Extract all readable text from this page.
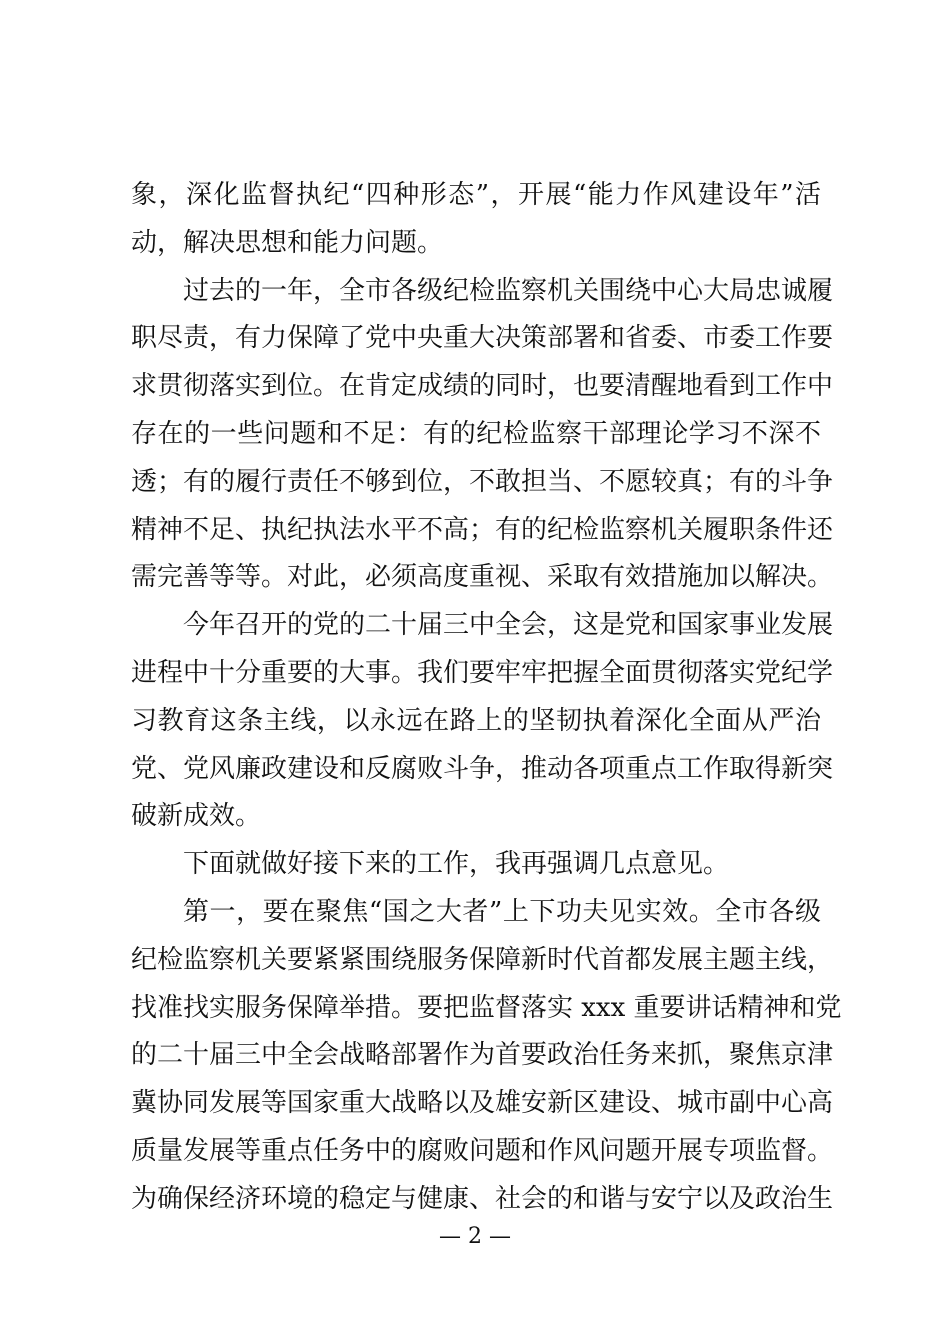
象，深化监督执纪“四种形态”，开展“能力作风建设年”活
动，解决思想和能力问题。
过去的一年，全市各级纪检监察机关围绕中心大局忠诚履
职尽责，有力保障了党中央重大决策部署和省委、市委工作要
求贯彻落实到位。在肯定成绩的同时，也要清醒地看到工作中
存在的一些问题和不足：有的纪检监察干部理论学习不深不
透；有的履行责任不够到位，不敢担当、不愿较真；有的斗争
精神不足、执纪执法水平不高；有的纪检监察机关履职条件还
需完善等等。对此，必须高度重视、采取有效措施加以解决。
今年召开的党的二十届三中全会，这是党和国家事业发展
进程中十分重要的大事。我们要牢牢把握全面贯彻落实党纪学
习教育这条主线，以永远在路上的坚韧执着深化全面从严治
党、党风廉政建设和反腐败斗争，推动各项重点工作取得新突
破新成效。
下面就做好接下来的工作，我再强调几点意见。
第一，要在聚焦“国之大者”上下功夫见实效。全市各级
纪检监察机关要紧紧围绕服务保障新时代首都发展主题主线，
找准找实服务保障举措。要把监督落实 xxx 重要讲话精神和党
的二十届三中全会战略部署作为首要政治任务来抓，聚焦京津
冀协同发展等国家重大战略以及雄安新区建设、城市副中心高
质量发展等重点任务中的腐败问题和作风问题开展专项监督。
为确保经济环境的稳定与健康、社会的和谐与安宁以及政治生
— 2 —
